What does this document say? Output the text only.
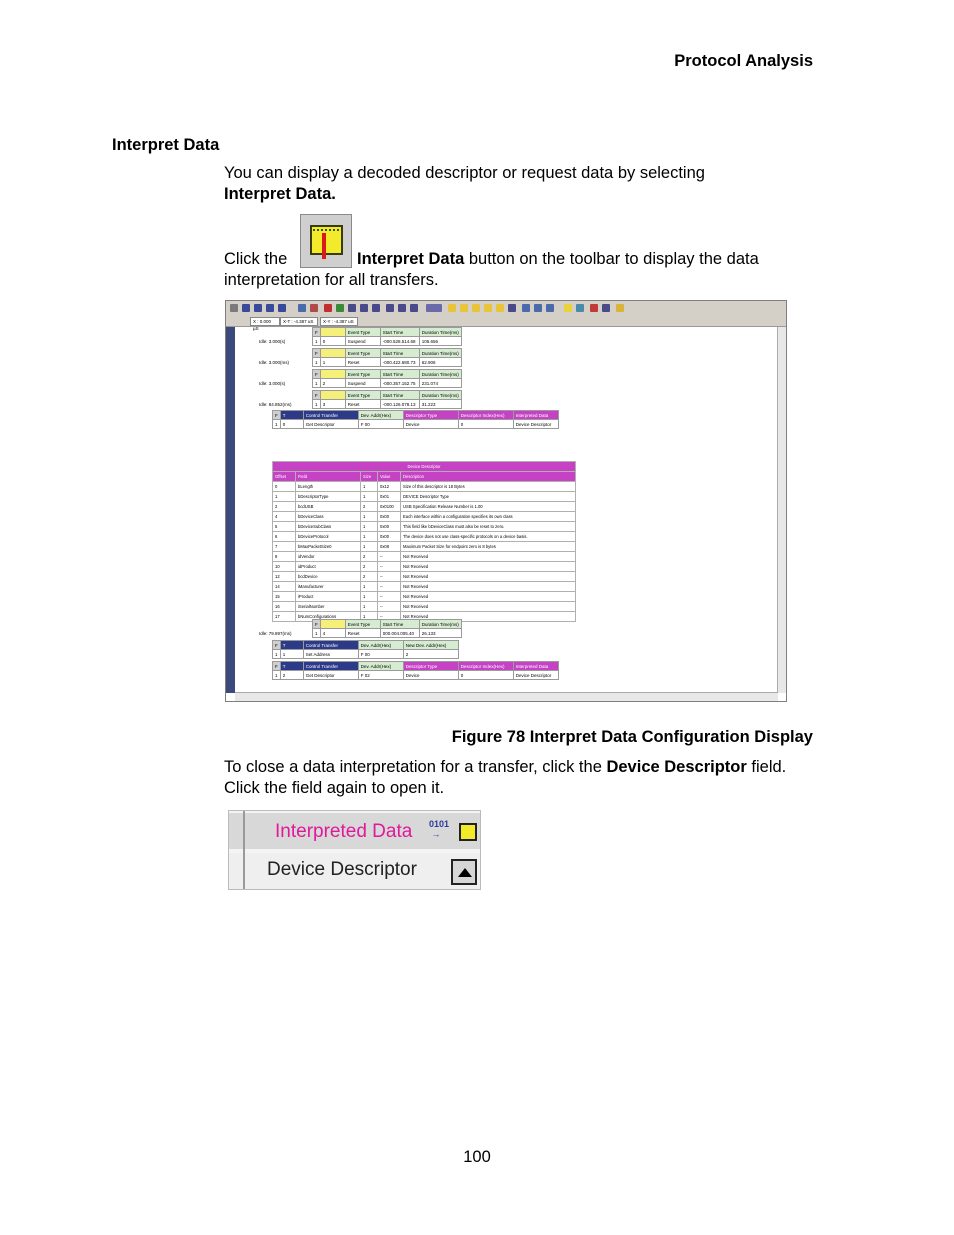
Protocol Analysis
Interpret Data
You can display a decoded descriptor or request data by selecting
Interpret Data.
Click the	Interpret Data button on the toolbar to display the data
interpretation for all transfers.
X : 0.000 µS
X-T : -4.387 uS	X-Y : -4.387 uS
Idle: 3.000(s)
F		Event Type	Start Time	Duration Time(ms)
1	0	Suspend	-000.528.514.68	105.656
Idle: 3.000(ms)
F		Event Type	Start Time	Duration Time(ms)
1	1	Reset	-000.422.680.73	62.906
Idle: 3.000(s)
F		Event Type	Start Time	Duration Time(ms)
1	2	Suspend	-000.357.152.75	231.074
Idle: 84.852(ms)
F		Event Type	Start Time	Duration Time(ms)
1	3	Reset	-000.126.078.13	31.223
F	T	Control Transfer	Dev. Addr(Hex)	Descriptor Type	Descriptor Index(Hex)	Interpreted Data
1	0	Get Descriptor	F 00	Device	0	Device Descriptor
Device Descriptor				
Offset	Field	Size	Value	Description
0	bLength	1	0x12	Size of this descriptor is 18 Bytes
1	bDescriptorType	1	0x01	DEVICE Descriptor Type
2	bcdUSB	2	0x0100	USB Specification Release Number is 1.00
4	bDeviceClass	1	0x00	Each interface within a configuration specifies its own class
5	bDeviceSubClass	1	0x00	This field like bDeviceClass must also be reset to zero.
6	bDeviceProtocol	1	0x00	The device does not use class-specific protocols on a device basis.
7	bMaxPacketSize0	1	0x08	Maximum Packet Size for endpoint zero is 8 bytes
8	idVendor	2	--	Not Received
10	idProduct	2	--	Not Received
12	bcdDevice	2	--	Not Received
14	iManufacturer	1	--	Not Received
15	iProduct	1	--	Not Received
16	iSerialNumber	1	--	Not Received
17	bNumConfigurations	1	--	Not Received
Idle: 79.897(ms)
F		Event Type	Start Time	Duration Time(ms)
1	4	Reset	000.004.005.40	26.133
F	T	Control Transfer	Dev. Addr(Hex)	New Dev. Addr(Hex)
1	1	Set Address	F 00	2
F	T	Control Transfer	Dev. Addr(Hex)	Descriptor Type	Descriptor Index(Hex)	Interpreted Data
1	2	Get Descriptor	F 02	Device	0	Device Descriptor
Figure 78 Interpret Data Configuration Display
To close a data interpretation for a transfer, click the Device Descriptor field.
Click the field again to open it.
Interpreted Data 0101
→
Device Descriptor
100
